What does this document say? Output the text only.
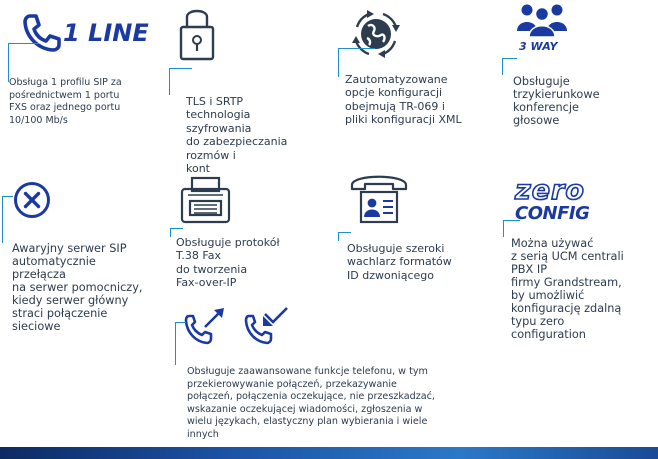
1 LINE
Obsługa 1 profilu SIP za
pośrednictwem 1 portu
FXS oraz jednego portu
10/100 Mb/s
TLS i SRTP
technologia
szyfrowania
do zabezpieczania
rozmów i
kont
Zautomatyzowane
opcje konfiguracji
obejmują TR-069 i
pliki konfiguracji XML
3 WAY
Obsługuje
trzykierunkowe
konferencje
głosowe
Awaryjny serwer SIP
automatycznie
przełącza
na serwer pomocniczy,
kiedy serwer główny
straci połączenie
sieciowe
Obsługuje protokół
T.38 Fax
do tworzenia
Fax-over-IP
Obsługuje szeroki
wachlarz formatów
ID dzwoniącego
zero
CONFIG
Można używać
z serią UCM centrali
PBX IP
firmy Grandstream,
by umożliwić
konfigurację zdalną
typu zero
configuration
Obsługuje zaawansowane funkcje telefonu, w tym
przekierowywanie połączeń, przekazywanie
połączeń, połączenia oczekujące, nie przeszkadzać,
wskazanie oczekującej wiadomości, zgłoszenia w
wielu językach, elastyczny plan wybierania i wiele
innych
